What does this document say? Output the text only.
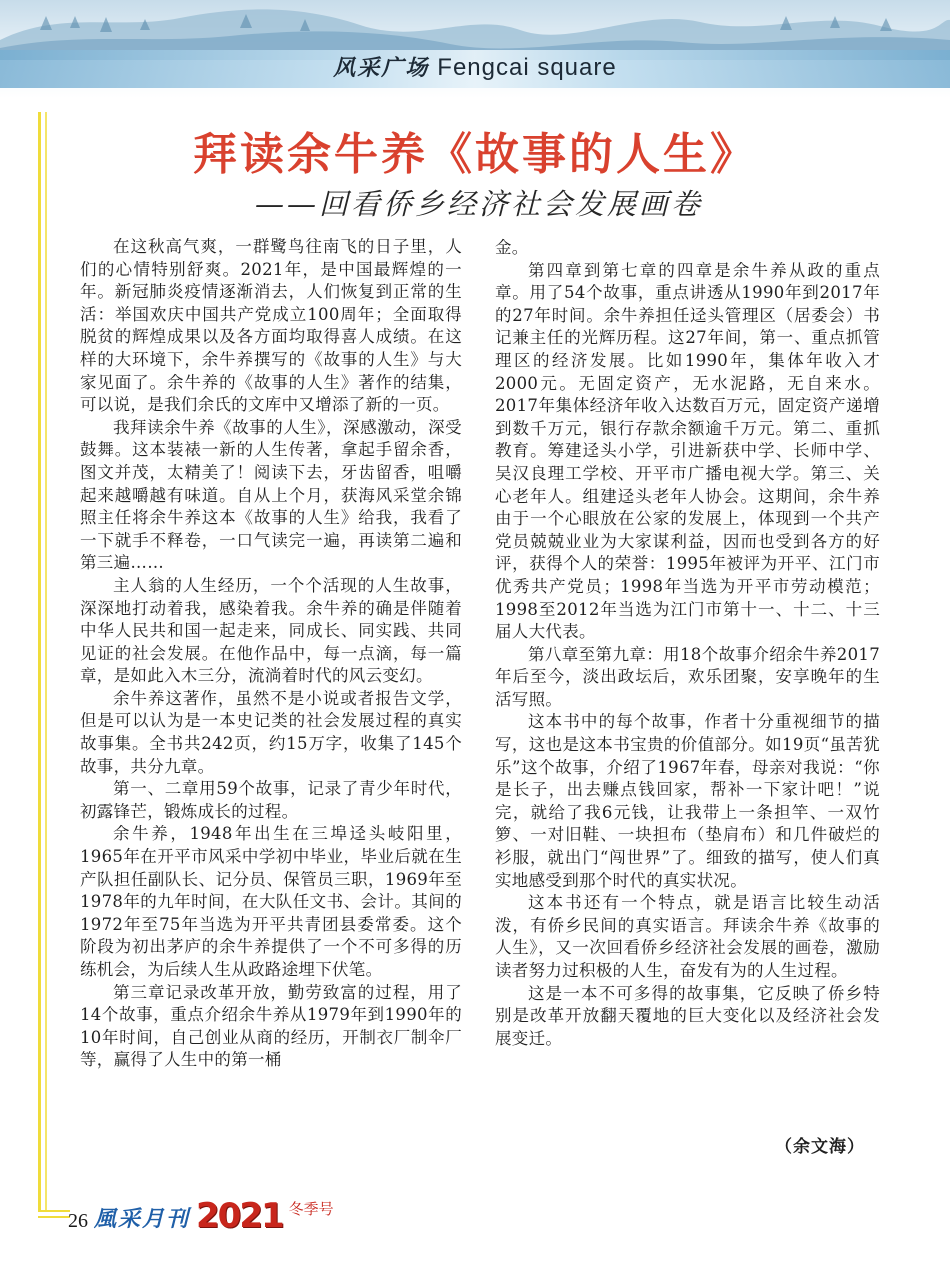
风采广场 Fengcai square
拜读余牛养《故事的人生》
——回看侨乡经济社会发展画卷

在这秋高气爽，一群鹭鸟往南飞的日子里，人们的心情特别舒爽。2021年，是中国最辉煌的一年。新冠肺炎疫情逐渐消去，人们恢复到正常的生活：举国欢庆中国共产党成立100周年；全面取得脱贫的辉煌成果以及各方面均取得喜人成绩。在这样的大环境下，余牛养撰写的《故事的人生》与大家见面了。余牛养的《故事的人生》著作的结集，可以说，是我们余氏的文库中又增添了新的一页。

我拜读余牛养《故事的人生》，深感激动，深受鼓舞。这本装裱一新的人生传著，拿起手留余香，图文并茂，太精美了！阅读下去，牙齿留香，咀嚼起来越嚼越有味道。自从上个月，获海风采堂余锦照主任将余牛养这本《故事的人生》给我，我看了一下就手不释卷，一口气读完一遍，再读第二遍和第三遍……

主人翁的人生经历，一个个活现的人生故事，深深地打动着我，感染着我。余牛养的确是伴随着中华人民共和国一起走来，同成长、同实践、共同见证的社会发展。在他作品中，每一点滴，每一篇章，是如此入木三分，流淌着时代的风云变幻。

余牛养这著作，虽然不是小说或者报告文学，但是可以认为是一本史记类的社会发展过程的真实故事集。全书共242页，约15万字，收集了145个故事，共分九章。

第一、二章用59个故事，记录了青少年时代，初露锋芒，锻炼成长的过程。

余牛养，1948年出生在三埠迳头岐阳里，1965年在开平市风采中学初中毕业，毕业后就在生产队担任副队长、记分员、保管员三职，1969年至1978年的九年时间，在大队任文书、会计。其间的1972年至75年当选为开平共青团县委常委。这个阶段为初出茅庐的余牛养提供了一个不可多得的历练机会，为后续人生从政路途埋下伏笔。

第三章记录改革开放，勤劳致富的过程，用了14个故事，重点介绍余牛养从1979年到1990年的10年时间，自己创业从商的经历，开制衣厂制伞厂等，赢得了人生中的第一桶

金。

第四章到第七章的四章是余牛养从政的重点章。用了54个故事，重点讲透从1990年到2017年的27年时间。余牛养担任迳头管理区（居委会）书记兼主任的光辉历程。这27年间，第一、重点抓管理区的经济发展。比如1990年，集体年收入才2000元。无固定资产，无水泥路，无自来水。2017年集体经济年收入达数百万元，固定资产递增到数千万元，银行存款余额逾千万元。第二、重抓教育。筹建迳头小学，引进新获中学、长师中学、吴汉良理工学校、开平市广播电视大学。第三、关心老年人。组建迳头老年人协会。这期间，余牛养由于一个心眼放在公家的发展上，体现到一个共产党员兢兢业业为大家谋利益，因而也受到各方的好评，获得个人的荣誉：1995年被评为开平、江门市优秀共产党员；1998年当选为开平市劳动模范；1998至2012年当选为江门市第十一、十二、十三届人大代表。

第八章至第九章：用18个故事介绍余牛养2017年后至今，淡出政坛后，欢乐团聚，安享晚年的生活写照。

这本书中的每个故事，作者十分重视细节的描写，这也是这本书宝贵的价值部分。如19页“虽苦犹乐”这个故事，介绍了1967年春，母亲对我说：“你是长子，出去赚点钱回家，帮补一下家计吧！”说完，就给了我6元钱，让我带上一条担竿、一双竹箩、一对旧鞋、一块担布（垫肩布）和几件破烂的衫服，就出门“闯世界”了。细致的描写，使人们真实地感受到那个时代的真实状况。

这本书还有一个特点，就是语言比较生动活泼，有侨乡民间的真实语言。拜读余牛养《故事的人生》，又一次回看侨乡经济社会发展的画卷，激励读者努力过积极的人生，奋发有为的人生过程。

这是一本不可多得的故事集，它反映了侨乡特别是改革开放翻天覆地的巨大变化以及经济社会发展变迁。

（余文海）
26 風采月刊 2021 冬季号
